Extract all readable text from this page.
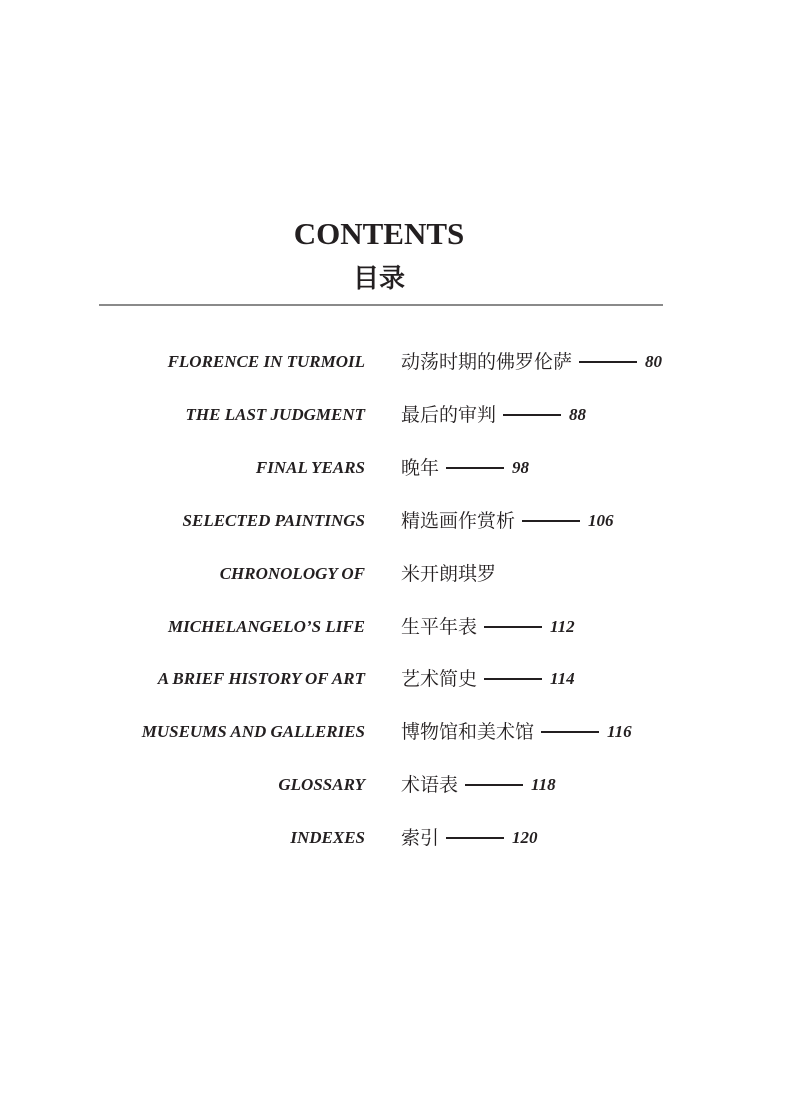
CONTENTS
目录
FLORENCE IN TURMOIL 动荡时期的佛罗伦萨	80
THE LAST JUDGMENT 最后的审判	88
FINAL YEARS 晚年	98
SELECTED PAINTINGS 精选画作赏析	106
CHRONOLOGY OF 米开朗琪罗
MICHELANGELO’S LIFE 生平年表	112
A BRIEF HISTORY OF ART 艺术简史	114
MUSEUMS AND GALLERIES 博物馆和美术馆	116
GLOSSARY 术语表	118
INDEXES 索引	120
